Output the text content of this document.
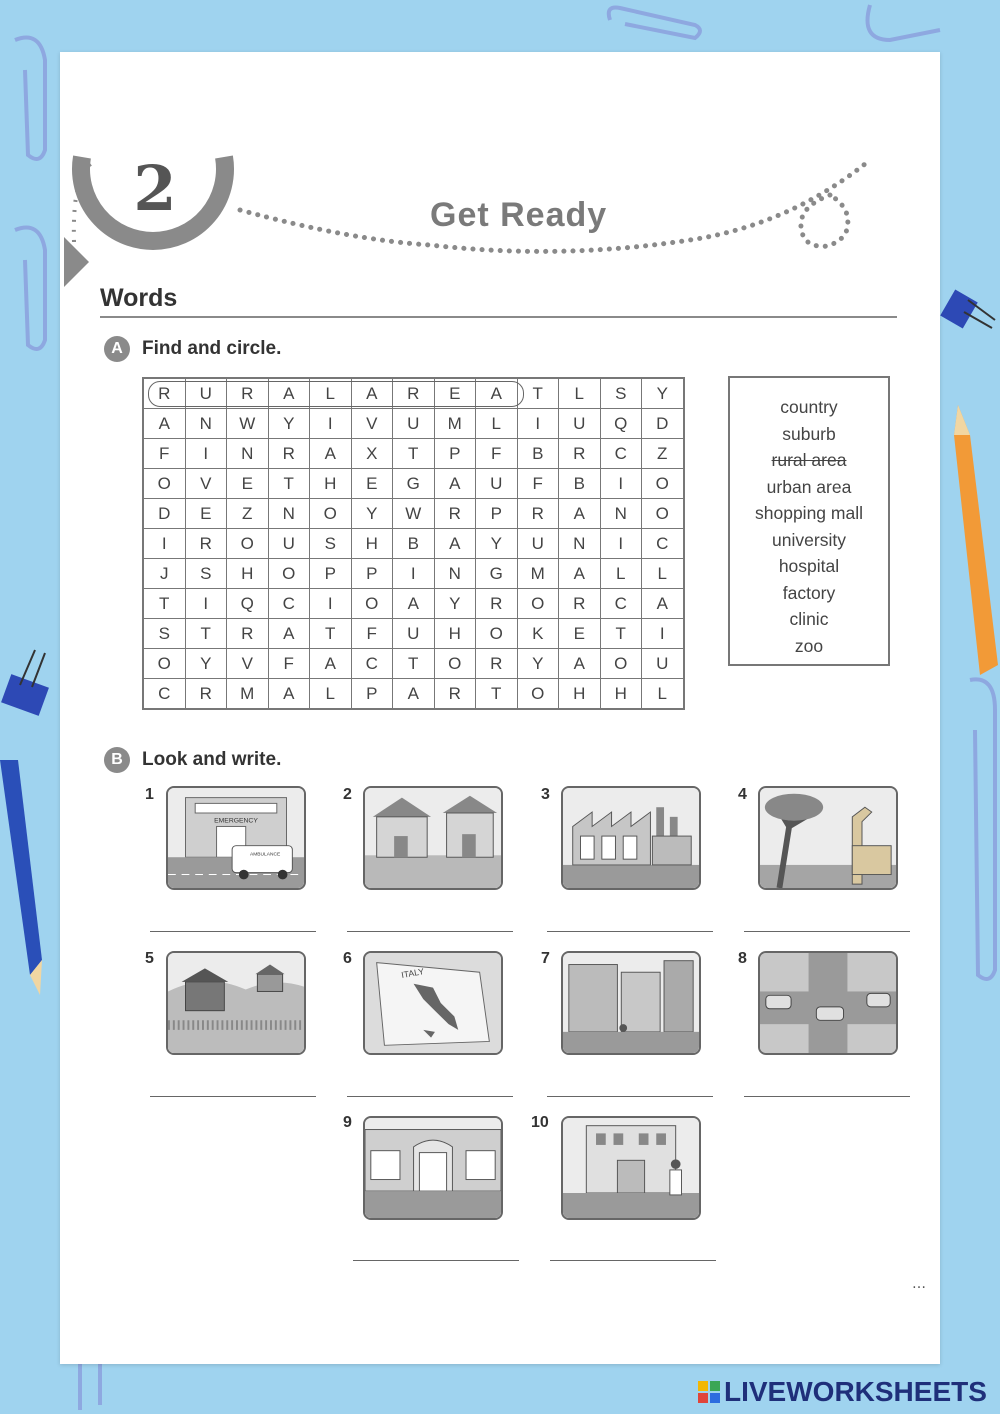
2	Get Ready
Words
A	Find and circle.
R	U	R	A	L	A	R	E	A	T	L	S	Y
A	N	W	Y	I	V	U	M	L	I	U	Q	D
F	I	N	R	A	X	T	P	F	B	R	C	Z
O	V	E	T	H	E	G	A	U	F	B	I	O
D	E	Z	N	O	Y	W	R	P	R	A	N	O
I	R	O	U	S	H	B	A	Y	U	N	I	C
J	S	H	O	P	P	I	N	G	M	A	L	L
T	I	Q	C	I	O	A	Y	R	O	R	C	A
S	T	R	A	T	F	U	H	O	K	E	T	I
O	Y	V	F	A	C	T	O	R	Y	A	O	U
C	R	M	A	L	P	A	R	T	O	H	H	L
country
suburb
rural area
urban area
shopping mall
university
hospital
factory
clinic
zoo
B	Look and write.
1
EMERGENCY
AMBULANCE
2	3	4
5	6
ITALY
7	8
9	10
…
LIVEWORKSHEETS
